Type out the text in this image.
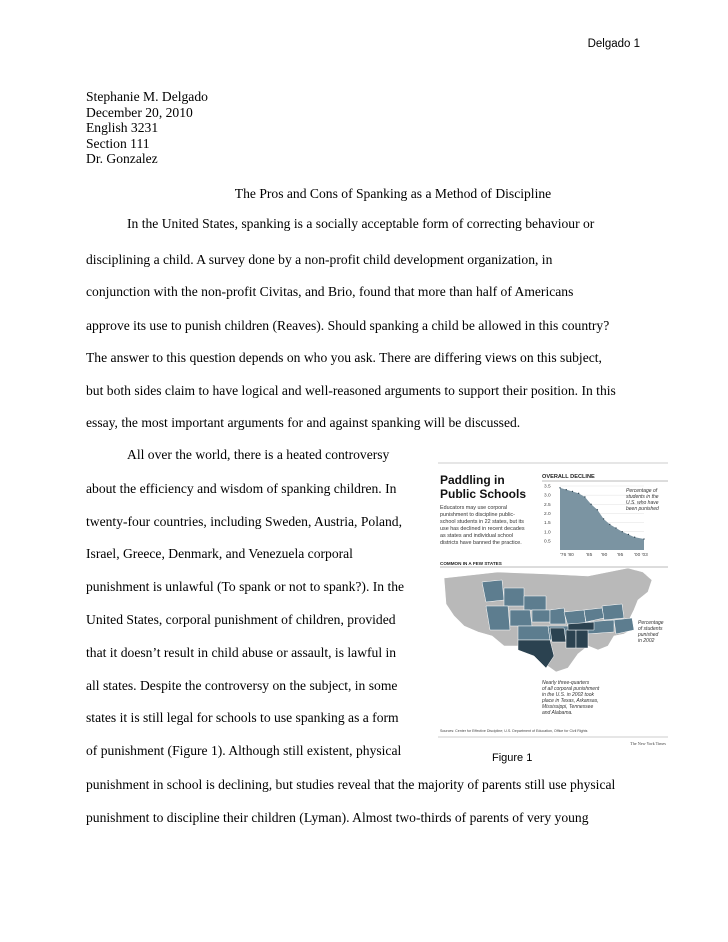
Delgado 1
Stephanie M. Delgado
December 20, 2010
English 3231
Section 111
Dr. Gonzalez
The Pros and Cons of Spanking as a Method of Discipline
In the United States, spanking is a socially acceptable form of correcting behaviour or
disciplining a child. A survey done by a non-profit child development organization, in
conjunction with the non-profit Civitas, and Brio, found that more than half of Americans
approve its use to punish children (Reaves). Should spanking a child be allowed in this country?
The answer to this question depends on who you ask. There are differing views on this subject,
but both sides claim to have logical and well-reasoned arguments to support their position. In this
essay, the most important arguments for and against spanking will be discussed.
All over the world, there is a heated controversy
about the efficiency and wisdom of spanking children. In
twenty-four countries, including Sweden, Austria, Poland,
Israel, Greece, Denmark, and Venezuela corporal
punishment is unlawful (To spank or not to spank?). In the
United States, corporal punishment of children, provided
that it doesn’t result in child abuse or assault, is lawful in
all states. Despite the controversy on the subject, in some
states it is still legal for schools to use spanking as a form
of punishment (Figure 1). Although still existent, physical
punishment in school is declining, but studies reveal that the majority of parents still use physical
punishment to discipline their children (Lyman). Almost two-thirds of parents of very young
Paddling in
Public Schools
Educators may use corporal
punishment to discipline public-
school students in 22 states, but its
use has declined in recent decades
as states and individual school
districts have banned the practice.
OVERALL DECLINE
3.5
3.0
2.5
2.0
1.5
1.0
0.5
'76 '80	'85 '90 '95 '00 '03
Percentage of
students in the
U.S. who have
been punished
COMMON IN A FEW STATES
Percentage
of students
punished
in 2002
Nearly three-quarters
of all corporal punishment
in the U.S. in 2002 took
place in Texas, Arkansas,
Mississippi, Tennessee
and Alabama.
Sources: Center for Effective Discipline; U.S. Department of Education, Office for Civil Rights
The New York Times
Figure 1
